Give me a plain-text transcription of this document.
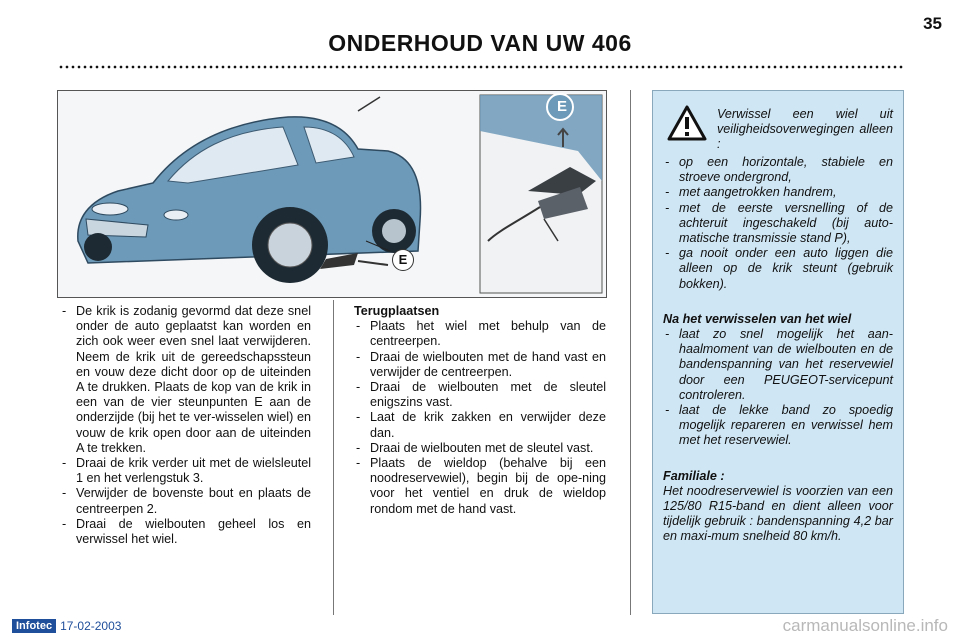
35
ONDERHOUD VAN UW 406
E
E
- De krik is zodanig gevormd dat deze snel onder de auto geplaatst kan worden en zich ook weer even snel laat verwijderen. Neem de krik uit de gereedschapssteun en vouw deze dicht door op de uiteinden A te drukken. Plaats de kop van de krik in een van de vier steunpunten E aan de onderzijde (bij het te ver-wisselen wiel) en vouw de krik open door aan de uiteinden A te trekken.
- Draai de krik verder uit met de wielsleutel 1 en het verlengstuk 3.
- Verwijder de bovenste bout en plaats de centreerpen 2.
- Draai de wielbouten geheel los en verwissel het wiel.
Terugplaatsen
- Plaats het wiel met behulp van de centreerpen.
- Draai de wielbouten met de hand vast en verwijder de centreerpen.
- Draai de wielbouten met de sleutel enigszins vast.
- Laat de krik zakken en verwijder deze dan.
- Draai de wielbouten met de sleutel vast.
- Plaats de wieldop (behalve bij een noodreservewiel), begin bij de ope-ning voor het ventiel en druk de wieldop rondom met de hand vast.
Verwissel een wiel uit veiligheidsoverwegingen alleen :
- op een horizontale, stabiele en stroeve ondergrond,
- met aangetrokken handrem,
- met de eerste versnelling of de achteruit ingeschakeld (bij auto-matische transmissie stand P),
- ga nooit onder een auto liggen die alleen op de krik steunt (gebruik bokken).
Na het verwisselen van het wiel
- laat zo snel mogelijk het aan-haalmoment van de wielbouten en de bandenspanning van het reservewiel door een PEUGEOT-servicepunt controleren.
- laat de lekke band zo spoedig mogelijk repareren en verwissel hem met het reservewiel.
Familiale :

Het noodreservewiel is voorzien van een 125/80 R15-band en dient alleen voor tijdelijk gebruik : bandenspanning 4,2 bar en maxi-mum snelheid 80 km/h.

Infotec 17-02-2003	carmanualsonline.info
